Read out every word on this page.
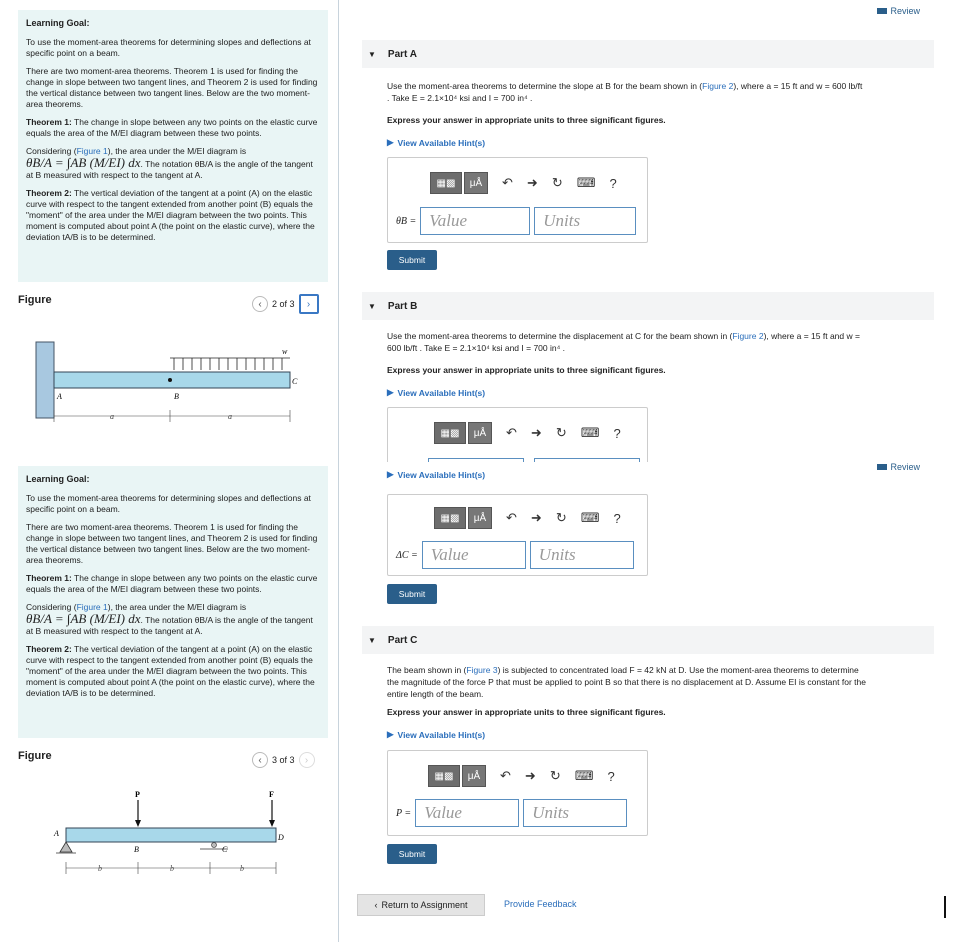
Learning Goal:

To use the moment-area theorems for determining slopes and deflections at specific point on a beam.

There are two moment-area theorems. Theorem 1 is used for finding the change in slope between two tangent lines, and Theorem 2 is used for finding the vertical distance between two tangent lines. Below are the two moment-area theorems.

Theorem 1: The change in slope between any two points on the elastic curve equals the area of the M/EI diagram between these two points.

Considering (Figure 1), the area under the M/EI diagram is
θB/A = ∫AB (M/EI) dx. The notation θB/A is the angle of the tangent at B measured with respect to the tangent at A.

Theorem 2: The vertical deviation of the tangent at a point (A) on the elastic curve with respect to the tangent extended from another point (B) equals the "moment" of the area under the M/EI diagram between the two points. This moment is computed about point A (the point on the elastic curve), where the deviation tA/B is to be determined.

Figure	‹	2 of 3	›
w
A	B
C
a	a
Review
▼ Part A
Use the moment-area theorems to determine the slope at B for the beam shown in (Figure 2), where a = 15 ft and w = 600 lb/ft
. Take E = 2.1×10⁴ ksi and I = 700 in⁴ .
Express your answer in appropriate units to three significant figures.
▶ View Available Hint(s)
▦▩	μÅ	↶ ➜ ↻ ⌨ ?
θB = Value	Units
Submit
▼ Part B
Use the moment-area theorems to determine the displacement at C for the beam shown in (Figure 2), where a = 15 ft and w =
600 lb/ft . Take E = 2.1×10⁴ ksi and I = 700 in⁴ .
Express your answer in appropriate units to three significant figures.
▶ View Available Hint(s)
▦▩	μÅ	↶ ➜ ↻ ⌨ ?

Learning Goal:

To use the moment-area theorems for determining slopes and deflections at specific point on a beam.

There are two moment-area theorems. Theorem 1 is used for finding the change in slope between two tangent lines, and Theorem 2 is used for finding the vertical distance between two tangent lines. Below are the two moment-area theorems.

Theorem 1: The change in slope between any two points on the elastic curve equals the area of the M/EI diagram between these two points.

Considering (Figure 1), the area under the M/EI diagram is
θB/A = ∫AB (M/EI) dx. The notation θB/A is the angle of the tangent at B measured with respect to the tangent at A.

Theorem 2: The vertical deviation of the tangent at a point (A) on the elastic curve with respect to the tangent extended from another point (B) equals the "moment" of the area under the M/EI diagram between the two points. This moment is computed about point A (the point on the elastic curve), where the deviation tA/B is to be determined.

Figure	‹	3 of 3	›
P	F
A
B	C
D
b	b	b
▶ View Available Hint(s)
Review
▦▩	μÅ	↶ ➜ ↻ ⌨ ?
ΔC = Value	Units
Submit
▼ Part C
The beam shown in (Figure 3) is subjected to concentrated load F = 42 kN at D. Use the moment-area theorems to determine
the magnitude of the force P that must be applied to point B so that there is no displacement at D. Assume EI is constant for the
entire length of the beam.
Express your answer in appropriate units to three significant figures.
▶ View Available Hint(s)
▦▩	μÅ	↶ ➜ ↻ ⌨ ?
P = Value	Units
Submit
‹ Return to Assignment	Provide Feedback
